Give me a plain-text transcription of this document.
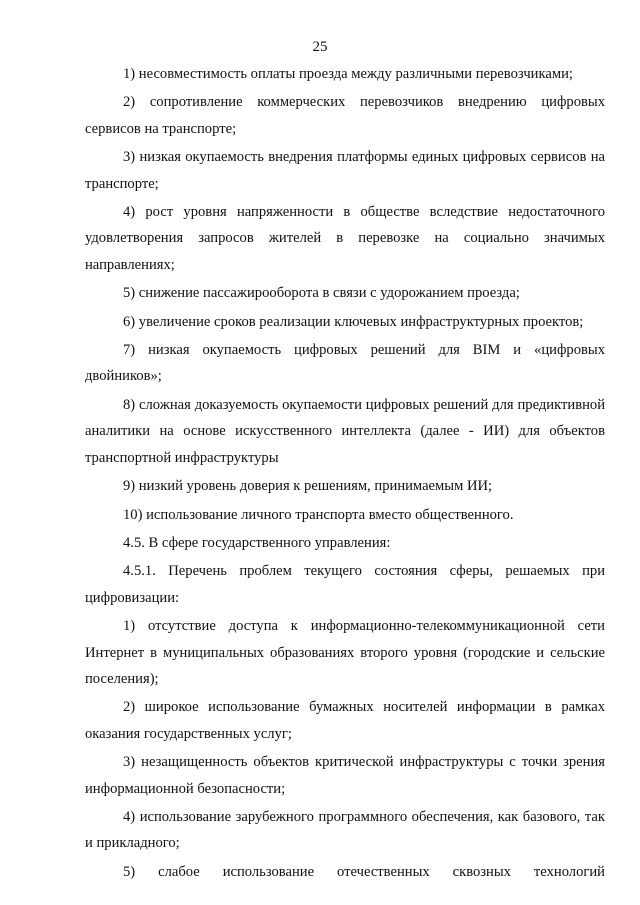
25

1) несовместимость оплаты проезда между различными перевозчиками;

2) сопротивление коммерческих перевозчиков внедрению цифровых сервисов на транспорте;

3) низкая окупаемость внедрения платформы единых цифровых сервисов на транспорте;

4) рост уровня напряженности в обществе вследствие недостаточного удовлетворения запросов жителей в перевозке на социально значимых направлениях;

5) снижение пассажирооборота в связи с удорожанием проезда;

6) увеличение сроков реализации ключевых инфраструктурных проектов;

7) низкая окупаемость цифровых решений для BIM и «цифровых двойников»;

8) сложная доказуемость окупаемости цифровых решений для предиктивной аналитики на основе искусственного интеллекта (далее - ИИ) для объектов транспортной инфраструктуры

9) низкий уровень доверия к решениям, принимаемым ИИ;

10) использование личного транспорта вместо общественного.

4.5. В сфере государственного управления:

4.5.1. Перечень проблем текущего состояния сферы, решаемых при цифровизации:

1) отсутствие доступа к информационно-телекоммуникационной сети Интернет в муниципальных образованиях второго уровня (городские и сельские поселения);

2) широкое использование бумажных носителей информации в рамках оказания государственных услуг;

3) незащищенность объектов критической инфраструктуры с точки зрения информационной безопасности;

4) использование зарубежного программного обеспечения, как базового, так и прикладного;

5) слабое использование отечественных сквозных технологий
